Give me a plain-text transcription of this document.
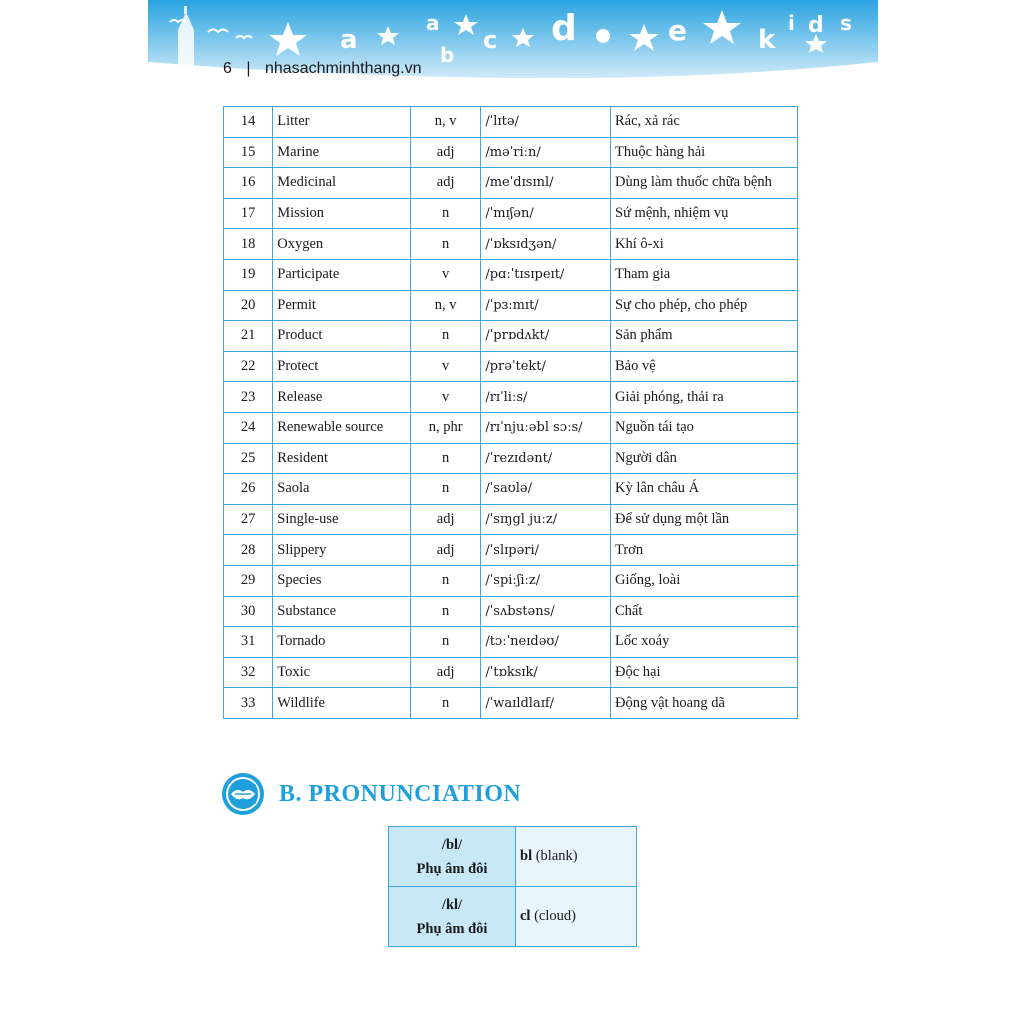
a
a
b
c d	e	k
i d s
6 | nhasachminhthang.vn
14	Litter	n, v	/ˈlɪtə/	Rác, xả rác
15	Marine	adj	/məˈriːn/	Thuộc hàng hải
16	Medicinal	adj	/meˈdɪsɪnl/	Dùng làm thuốc chữa bệnh
17	Mission	n	/ˈmɪʃən/	Sứ mệnh, nhiệm vụ
18	Oxygen	n	/ˈɒksɪdʒən/	Khí ô-xi
19	Participate	v	/pɑːˈtɪsɪpeɪt/	Tham gia
20	Permit	n, v	/ˈpɜːmɪt/	Sự cho phép, cho phép
21	Product	n	/ˈprɒdʌkt/	Sản phẩm
22	Protect	v	/prəˈtekt/	Bảo vệ
23	Release	v	/rɪˈliːs/	Giải phóng, thải ra
24	Renewable source	n, phr	/rɪˈnjuːəbl sɔːs/	Nguồn tái tạo
25	Resident	n	/ˈrezɪdənt/	Người dân
26	Saola	n	/ˈsaʊlə/	Kỳ lân châu Á
27	Single-use	adj	/ˈsɪŋgl juːz/	Để sử dụng một lần
28	Slippery	adj	/ˈslɪpəri/	Trơn
29	Species	n	/ˈspiːʃiːz/	Giống, loài
30	Substance	n	/ˈsʌbstəns/	Chất
31	Tornado	n	/tɔːˈneɪdəʊ/	Lốc xoáy
32	Toxic	adj	/ˈtɒksɪk/	Độc hại
33	Wildlife	n	/ˈwaɪldlaɪf/	Động vật hoang dã
B. PRONUNCIATION
/bl/
Phụ âm đôi	bl (blank)

/kl/
Phụ âm đôi	cl (cloud)
